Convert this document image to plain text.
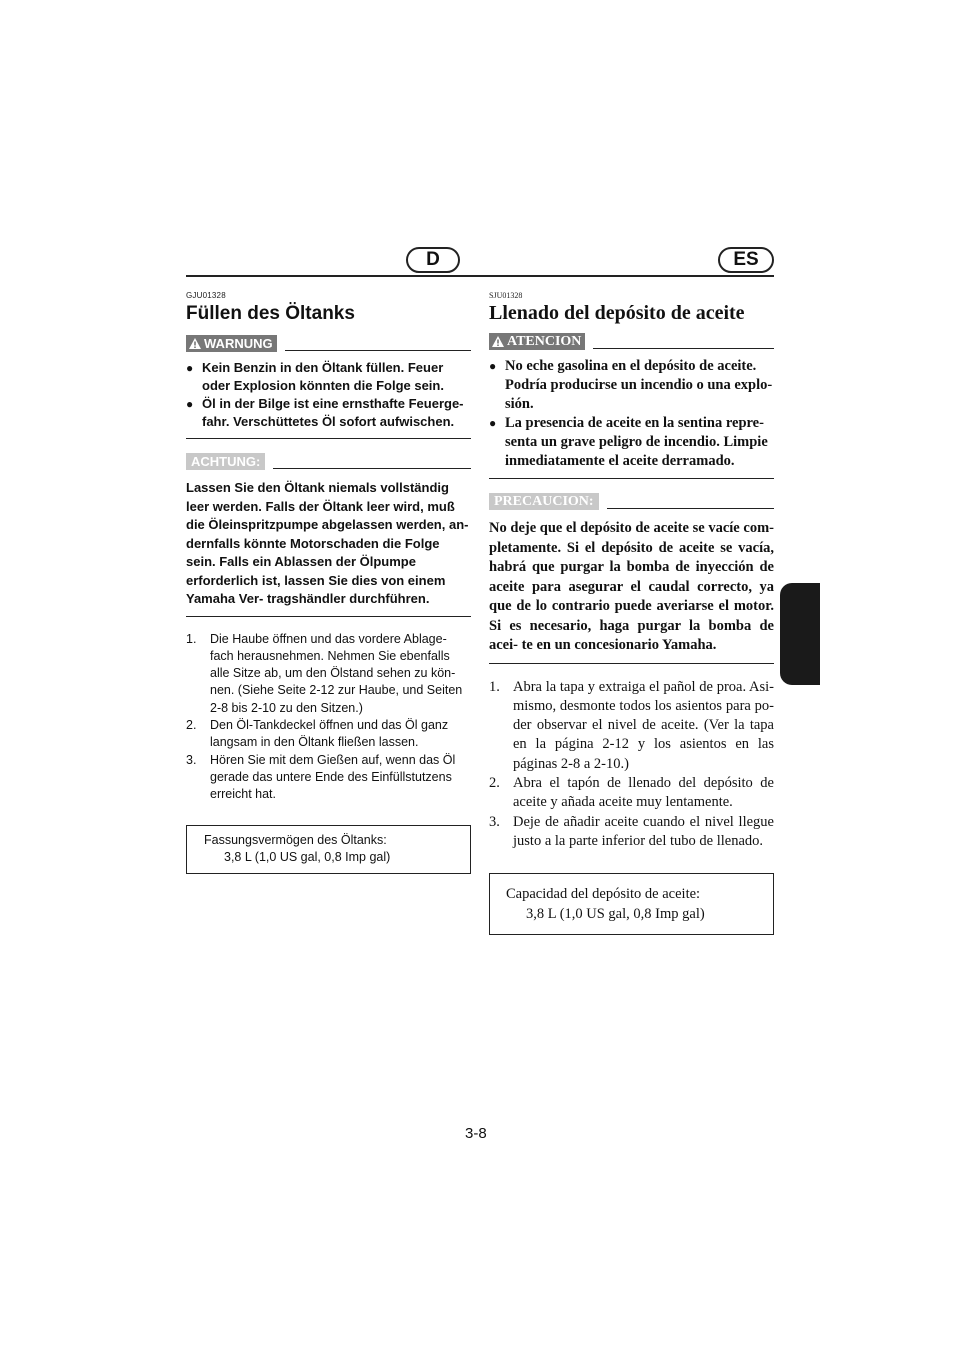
D	ES
GJU01328
Füllen des Öltanks
WARNUNG
● Kein Benzin in den Öltank füllen. Feuer oder Explosion könnten die Folge sein.
● Öl in der Bilge ist eine ernsthafte Feuerge- fahr. Verschüttetes Öl sofort aufwischen.
ACHTUNG:
Lassen Sie den Öltank niemals vollständig leer werden. Falls der Öltank leer wird, muß die Öleinspritzpumpe abgelassen werden, an- dernfalls könnte Motorschaden die Folge sein. Falls ein Ablassen der Ölpumpe erforderlich ist, lassen Sie dies von einem Yamaha Ver- tragshändler durchführen.
1.	Die Haube öffnen und das vordere Ablage- fach herausnehmen. Nehmen Sie ebenfalls alle Sitze ab, um den Ölstand sehen zu kön- nen. (Siehe Seite 2-12 zur Haube, und Seiten 2-8 bis 2-10 zu den Sitzen.)
2.	Den Öl-Tankdeckel öffnen und das Öl ganz langsam in den Öltank fließen lassen.
3.	Hören Sie mit dem Gießen auf, wenn das Öl gerade das untere Ende des Einfüllstutzens erreicht hat.
Fassungsvermögen des Öltanks:
3,8 L (1,0 US gal, 0,8 Imp gal)
SJU01328
Llenado del depósito de aceite
ATENCION
● No eche gasolina en el depósito de aceite. Podría producirse un incendio o una explo- sión.
● La presencia de aceite en la sentina repre- senta un grave peligro de incendio. Limpie inmediatamente el aceite derramado.
PRECAUCION:
No deje que el depósito de aceite se vacíe com- pletamente. Si el depósito de aceite se vacía, habrá que purgar la bomba de inyección de aceite para asegurar el caudal correcto, ya que de lo contrario puede averiarse el motor. Si es necesario, haga purgar la bomba de acei- te en un concesionario Yamaha.
1. Abra la tapa y extraiga el pañol de proa. Asi- mismo, desmonte todos los asientos para po- der observar el nivel de aceite. (Ver la tapa en la página 2-12 y los asientos en las páginas 2-8 a 2-10.)
2. Abra el tapón de llenado del depósito de aceite y añada aceite muy lentamente.
3. Deje de añadir aceite cuando el nivel llegue justo a la parte inferior del tubo de llenado.
Capacidad del depósito de aceite:
3,8 L (1,0 US gal, 0,8 Imp gal)
3-8
